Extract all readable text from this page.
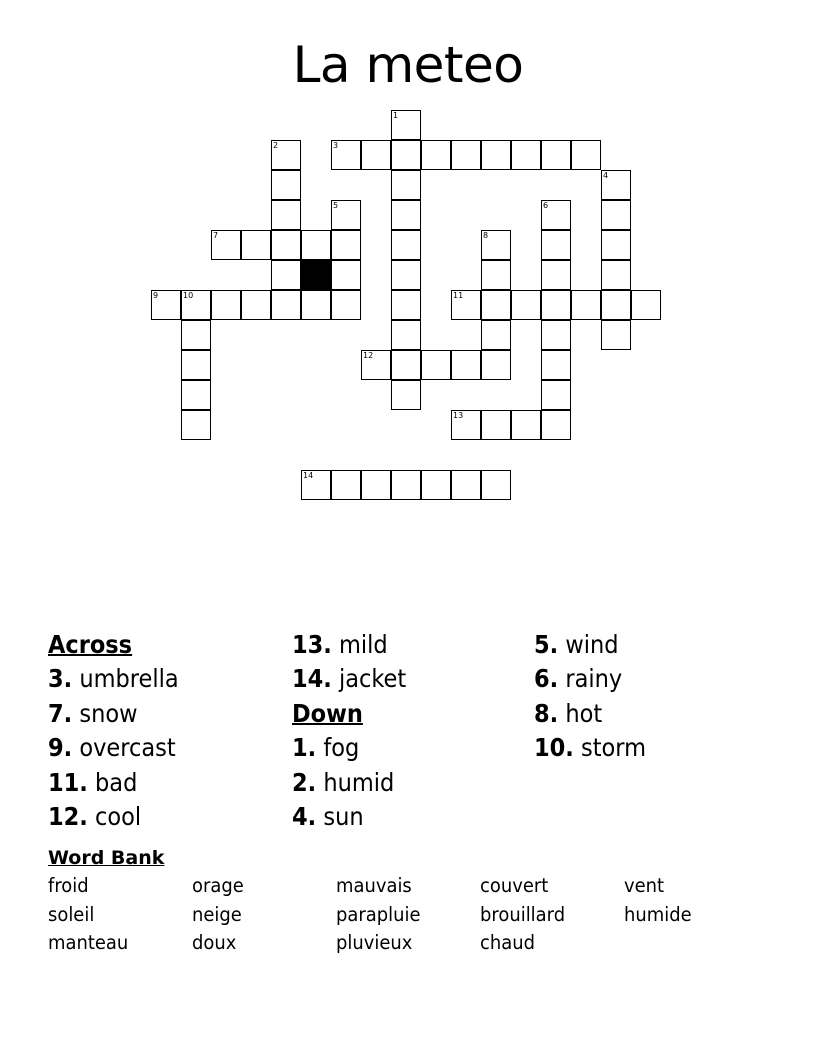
La meteo
1
2	3
4
5	6
7	8
9	10	11
12
13
14
Across
3. umbrella
7. snow
9. overcast
11. bad
12. cool
13. mild
14. jacket
Down
1. fog
2. humid
4. sun
5. wind
6. rainy
8. hot
10. storm
Word Bank
froid	orage	mauvais	couvert	vent
soleil	neige	parapluie	brouillard	humide
manteau	doux	pluvieux	chaud
